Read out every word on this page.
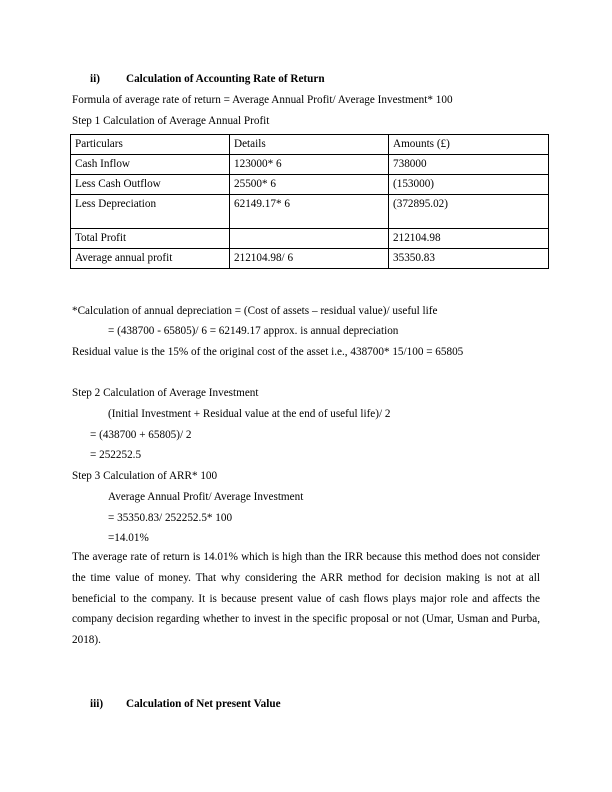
ii) Calculation of Accounting Rate of Return
Formula of average rate of return = Average Annual Profit/ Average Investment* 100
Step 1 Calculation of Average Annual Profit
Particulars	Details	Amounts (£)
Cash Inflow	123000* 6	738000
Less Cash Outflow	25500* 6	(153000)
Less Depreciation	62149.17* 6	(372895.02)
Total Profit		212104.98
Average annual profit	212104.98/ 6	35350.83
*Calculation of annual depreciation = (Cost of assets – residual value)/ useful life
= (438700 - 65805)/ 6 = 62149.17 approx. is annual depreciation
Residual value is the 15% of the original cost of the asset i.e., 438700* 15/100 = 65805
Step 2 Calculation of Average Investment
(Initial Investment + Residual value at the end of useful life)/ 2
= (438700 + 65805)/ 2
= 252252.5
Step 3 Calculation of ARR* 100
Average Annual Profit/ Average Investment
= 35350.83/ 252252.5* 100
=14.01%
The average rate of return is 14.01% which is high than the IRR because this method does not consider the time value of money. That why considering the ARR method for decision making is not at all beneficial to the company. It is because present value of cash flows plays major role and affects the company decision regarding whether to invest in the specific proposal or not (Umar, Usman and Purba, 2018).
iii) Calculation of Net present Value
